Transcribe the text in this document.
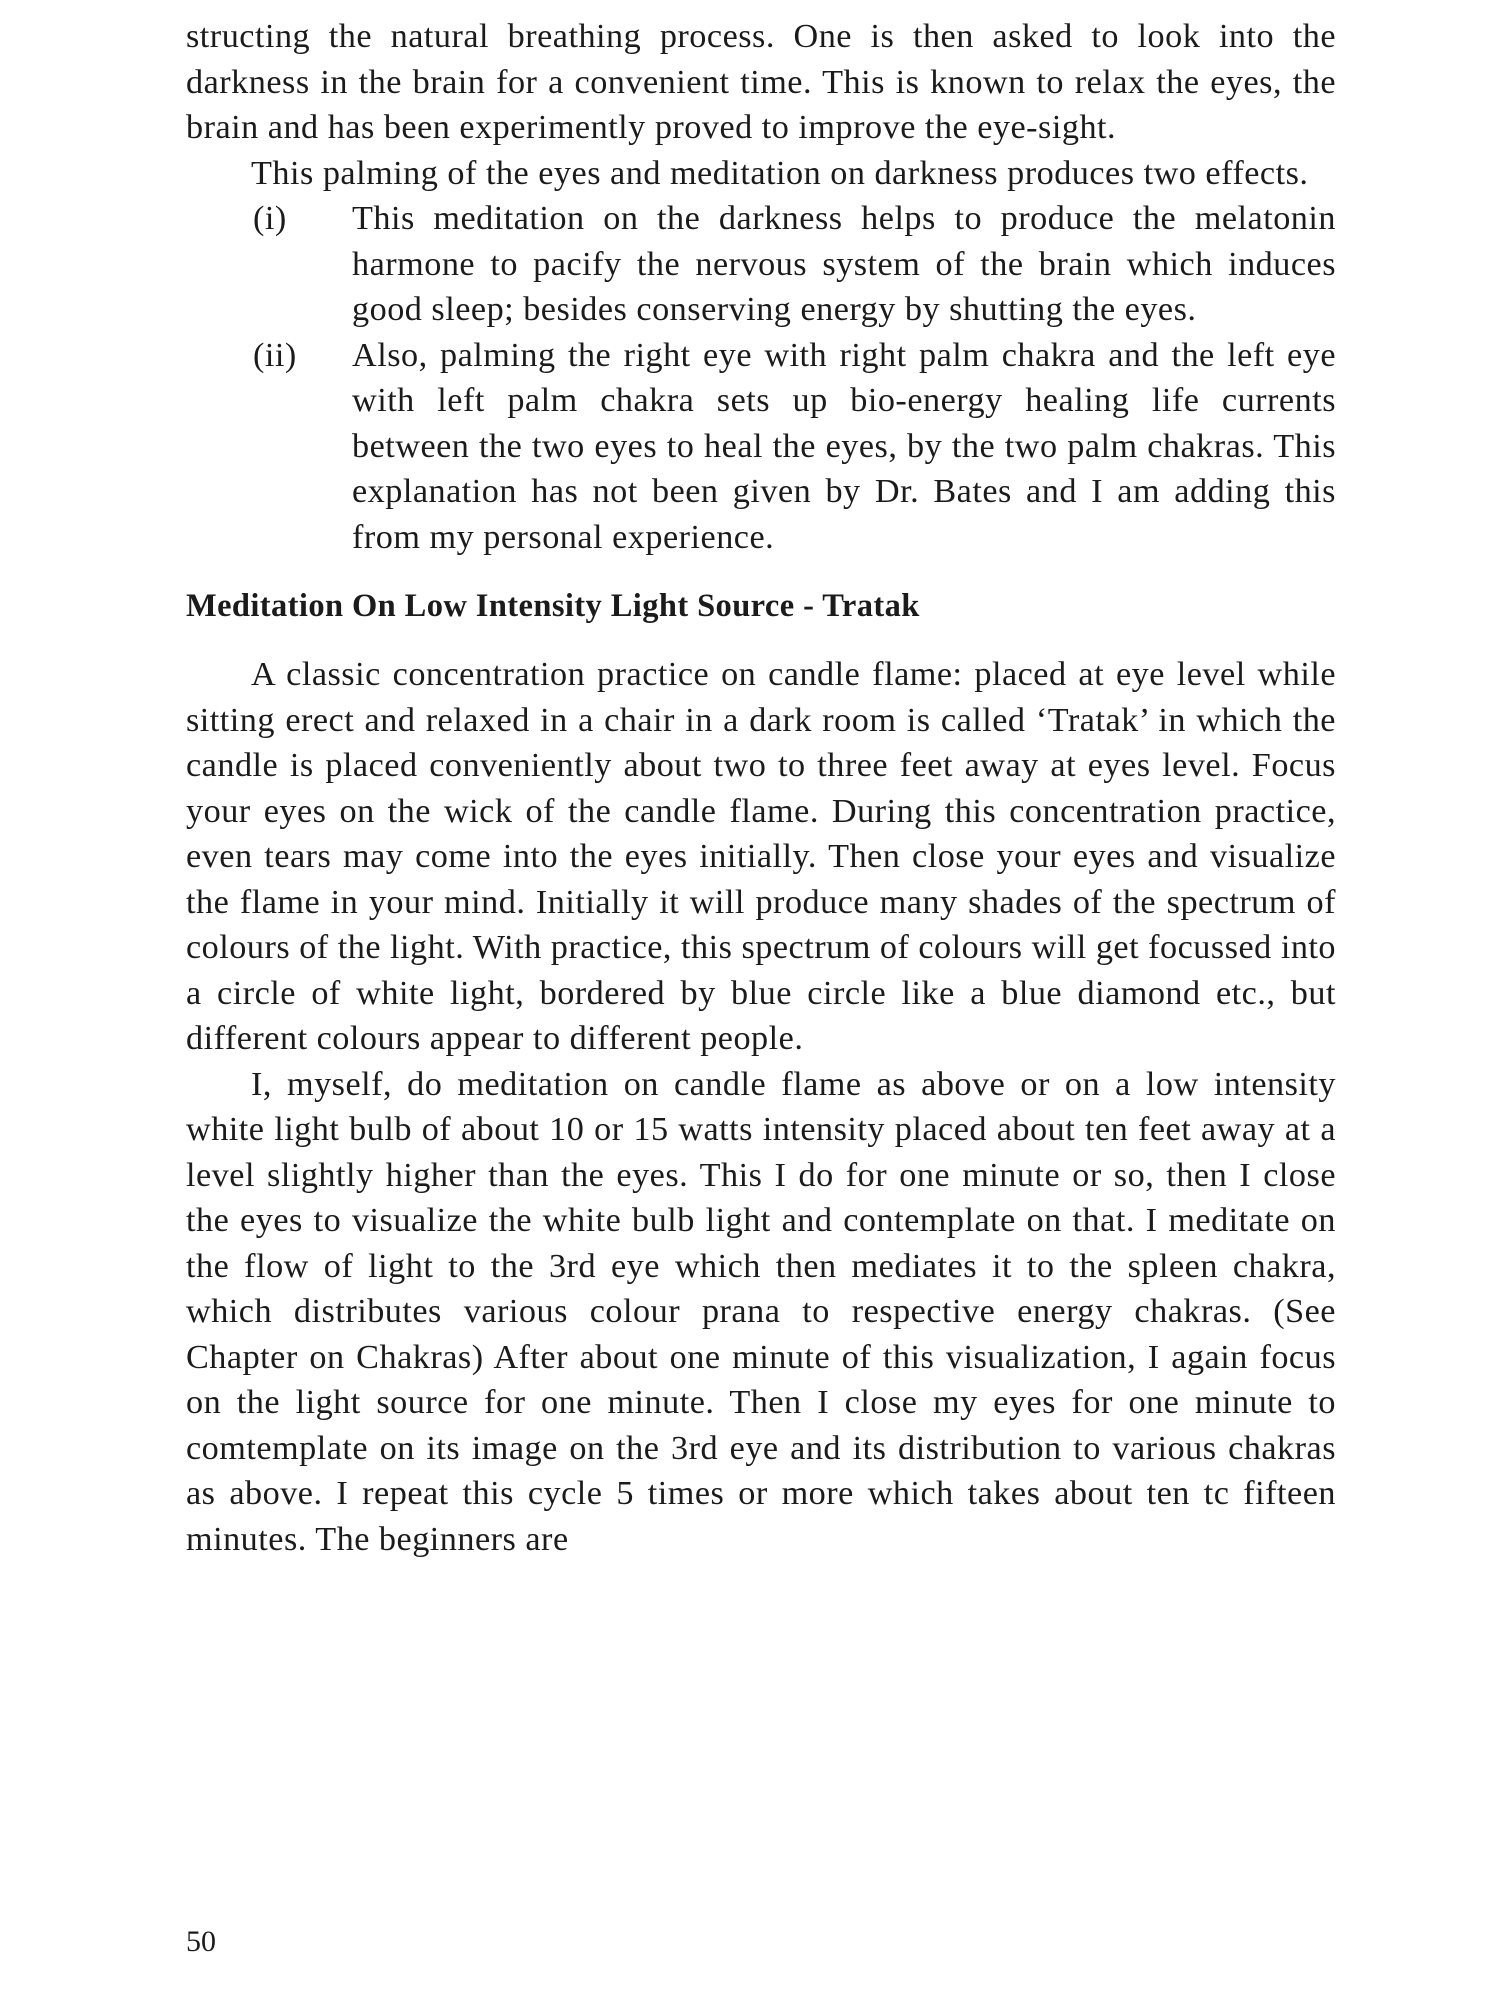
structing the natural breathing process. One is then asked to look into the darkness in the brain for a convenient time. This is known to relax the eyes, the brain and has been experimently proved to improve the eye-sight.

This palming of the eyes and meditation on darkness produces two effects.

(i)	This meditation on the darkness helps to produce the melatonin harmone to pacify the nervous system of the brain which induces good sleep; besides conserving energy by shutting the eyes.
(ii)	Also, palming the right eye with right palm chakra and the left eye with left palm chakra sets up bio-energy healing life currents between the two eyes to heal the eyes, by the two palm chakras. This explanation has not been given by Dr. Bates and I am adding this from my personal experience.
Meditation On Low Intensity Light Source - Tratak

A classic concentration practice on candle flame: placed at eye level while sitting erect and relaxed in a chair in a dark room is called ‘Tratak’ in which the candle is placed conveniently about two to three feet away at eyes level. Focus your eyes on the wick of the candle flame. During this concentration practice, even tears may come into the eyes initially. Then close your eyes and visualize the flame in your mind. Initially it will produce many shades of the spectrum of colours of the light. With practice, this spectrum of colours will get focussed into a circle of white light, bordered by blue circle like a blue diamond etc., but different colours appear to different people.

I, myself, do meditation on candle flame as above or on a low intensity white light bulb of about 10 or 15 watts intensity placed about ten feet away at a level slightly higher than the eyes. This I do for one minute or so, then I close the eyes to visualize the white bulb light and contemplate on that. I meditate on the flow of light to the 3rd eye which then mediates it to the spleen chakra, which distributes various colour prana to respective energy chakras. (See Chapter on Chakras) After about one minute of this visualization, I again focus on the light source for one minute. Then I close my eyes for one minute to comtemplate on its image on the 3rd eye and its distribution to various chakras as above. I repeat this cycle 5 times or more which takes about ten tc fifteen minutes. The beginners are

50
